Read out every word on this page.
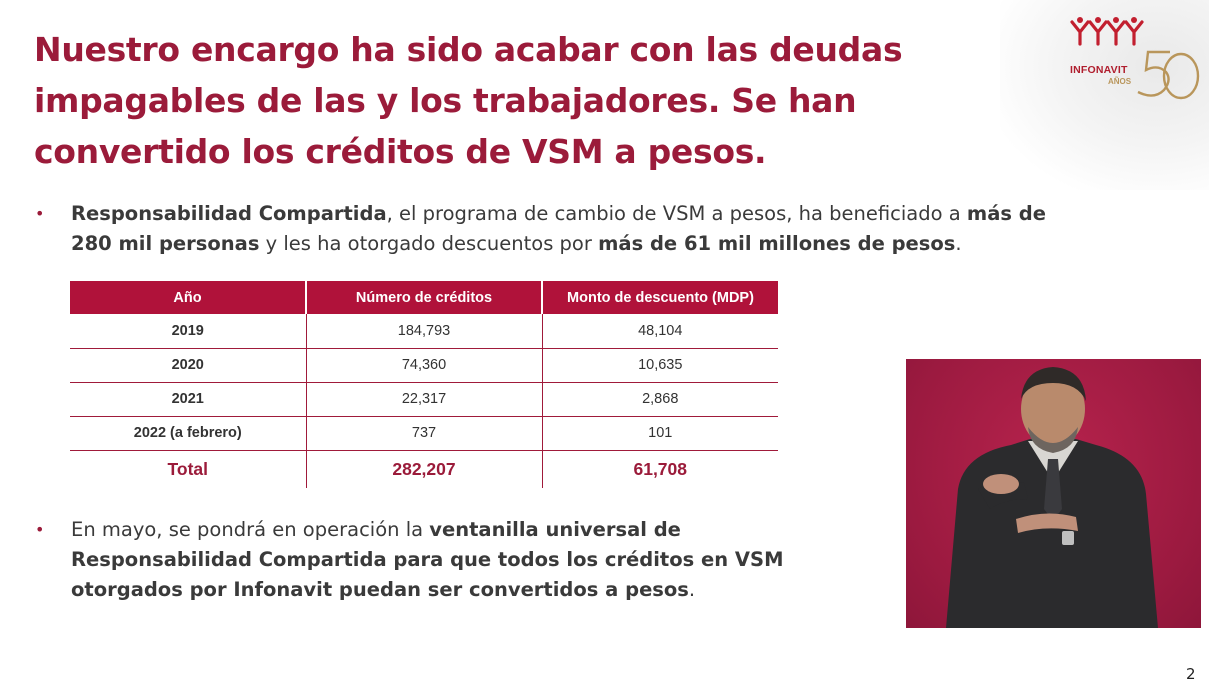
Nuestro encargo ha sido acabar con las deudas impagables de las y los trabajadores. Se han convertido los créditos de VSM a pesos.
INFONAVIT
AÑOS
• Responsabilidad Compartida, el programa de cambio de VSM a pesos, ha beneficiado a más de 280 mil personas y les ha otorgado descuentos por más de 61 mil millones de pesos.
Año	Número de créditos	Monto de descuento (MDP)
2019	184,793	48,104
2020	74,360	10,635
2021	22,317	2,868
2022 (a febrero)	737	101
Total	282,207	61,708
• En mayo, se pondrá en operación la ventanilla universal de Responsabilidad Compartida para que todos los créditos en VSM otorgados por Infonavit puedan ser convertidos a pesos.
2
